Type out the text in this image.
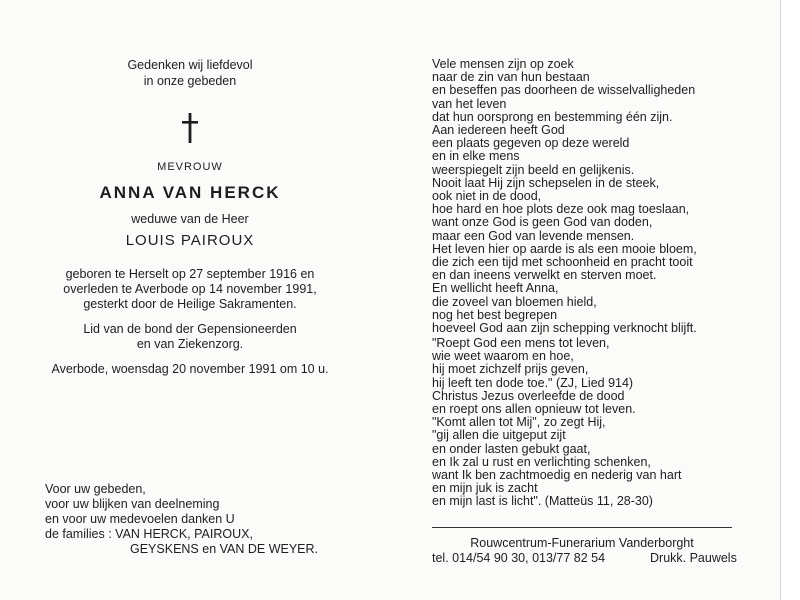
Gedenken wij liefdevol
in onze gebeden
MEVROUW
ANNA VAN HERCK
weduwe van de Heer
LOUIS PAIROUX
geboren te Herselt op 27 september 1916 en
overleden te Averbode op 14 november 1991,
gesterkt door de Heilige Sakramenten.
Lid van de bond der Gepensioneerden
en van Ziekenzorg.
Averbode, woensdag 20 november 1991 om 10 u.
Voor uw gebeden,
voor uw blijken van deelneming
en voor uw medevoelen danken U
de families : VAN HERCK, PAIROUX,
GEYSKENS en VAN DE WEYER.
Vele mensen zijn op zoek
naar de zin van hun bestaan
en beseffen pas doorheen de wisselvalligheden
van het leven
dat hun oorsprong en bestemming één zijn.
Aan iedereen heeft God
een plaats gegeven op deze wereld
en in elke mens
weerspiegelt zijn beeld en gelijkenis.
Nooit laat Hij zijn schepselen in de steek,
ook niet in de dood,
hoe hard en hoe plots deze ook mag toeslaan,
want onze God is geen God van doden,
maar een God van levende mensen.
Het leven hier op aarde is als een mooie bloem,
die zich een tijd met schoonheid en pracht tooit
en dan ineens verwelkt en sterven moet.
En wellicht heeft Anna,
die zoveel van bloemen hield,
nog het best begrepen
hoeveel God aan zijn schepping verknocht blijft.
"Roept God een mens tot leven,
wie weet waarom en hoe,
hij moet zichzelf prijs geven,
hij leeft ten dode toe." (ZJ, Lied 914)
Christus Jezus overleefde de dood
en roept ons allen opnieuw tot leven.
"Komt allen tot Mij", zo zegt Hij,
"gij allen die uitgeput zijt
en onder lasten gebukt gaat,
en Ik zal u rust en verlichting schenken,
want Ik ben zachtmoedig en nederig van hart
en mijn juk is zacht
en mijn last is licht". (Matteüs 11, 28-30)
Rouwcentrum-Funerarium Vanderborght
tel. 014/54 90 30, 013/77 82 54	Drukk. Pauwels
